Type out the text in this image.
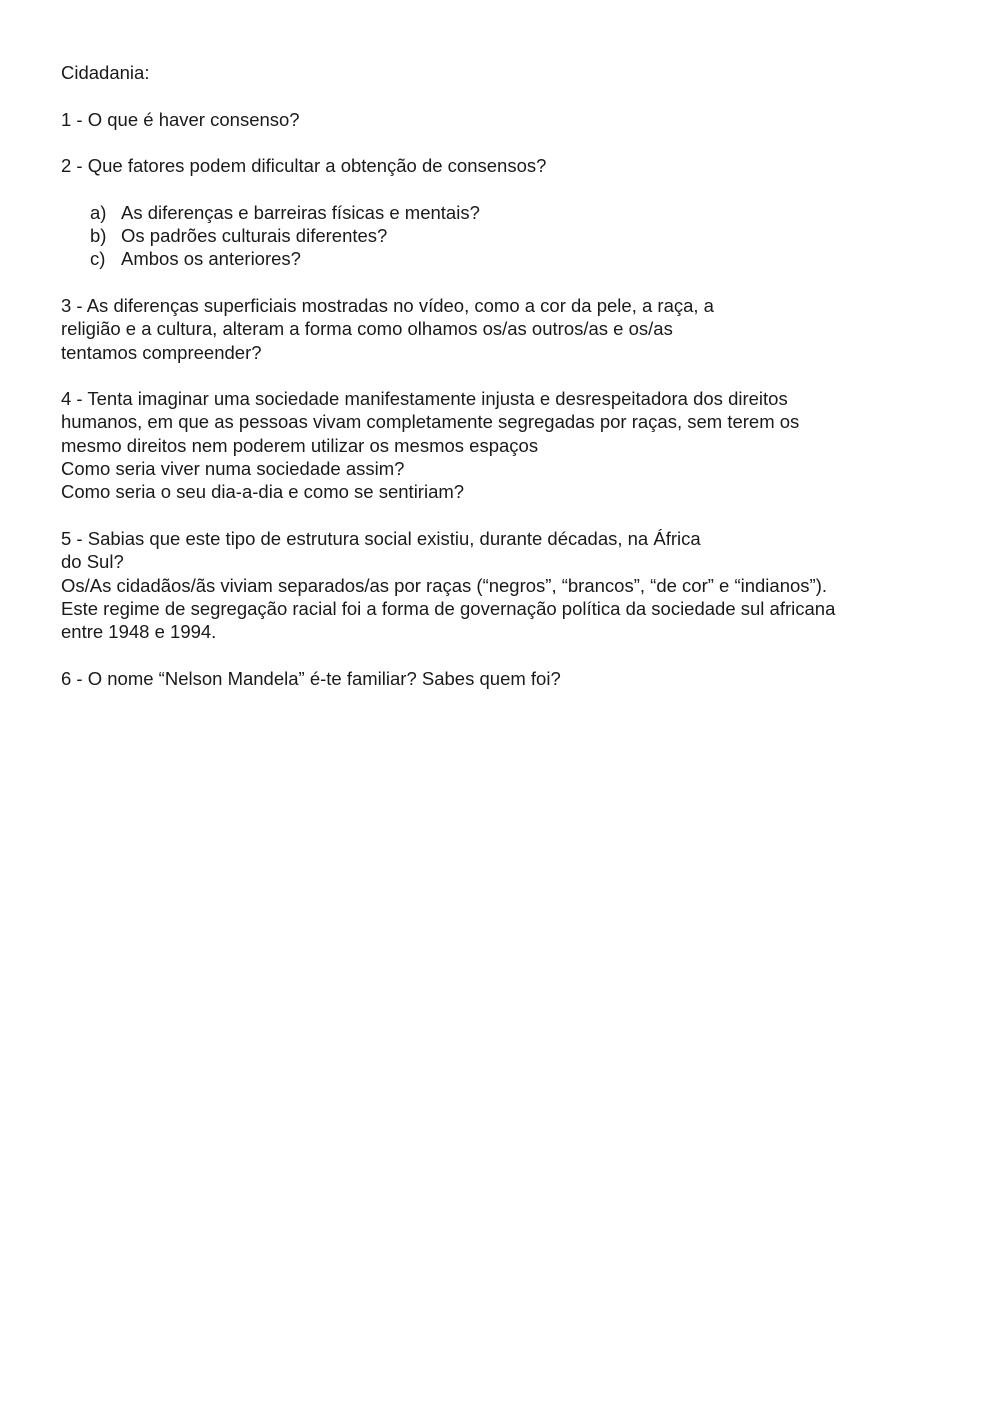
Cidadania:
1 - O que é haver consenso?
2 - Que fatores podem dificultar a obtenção de consensos?
a) As diferenças e barreiras físicas e mentais?
b) Os padrões culturais diferentes?
c) Ambos os anteriores?
3 - As diferenças superficiais mostradas no vídeo, como a cor da pele, a raça, a
religião e a cultura, alteram a forma como olhamos os/as outros/as e os/as
tentamos compreender?
4 - Tenta imaginar uma sociedade manifestamente injusta e desrespeitadora dos direitos
humanos, em que as pessoas vivam completamente segregadas por raças, sem terem os
mesmo direitos nem poderem utilizar os mesmos espaços
Como seria viver numa sociedade assim?
Como seria o seu dia-a-dia e como se sentiriam?
5 - Sabias que este tipo de estrutura social existiu, durante décadas, na África
do Sul?
Os/As cidadãos/ãs viviam separados/as por raças (“negros”, “brancos”, “de cor” e “indianos”).
Este regime de segregação racial foi a forma de governação política da sociedade sul africana
entre 1948 e 1994.
6 - O nome “Nelson Mandela” é-te familiar? Sabes quem foi?
